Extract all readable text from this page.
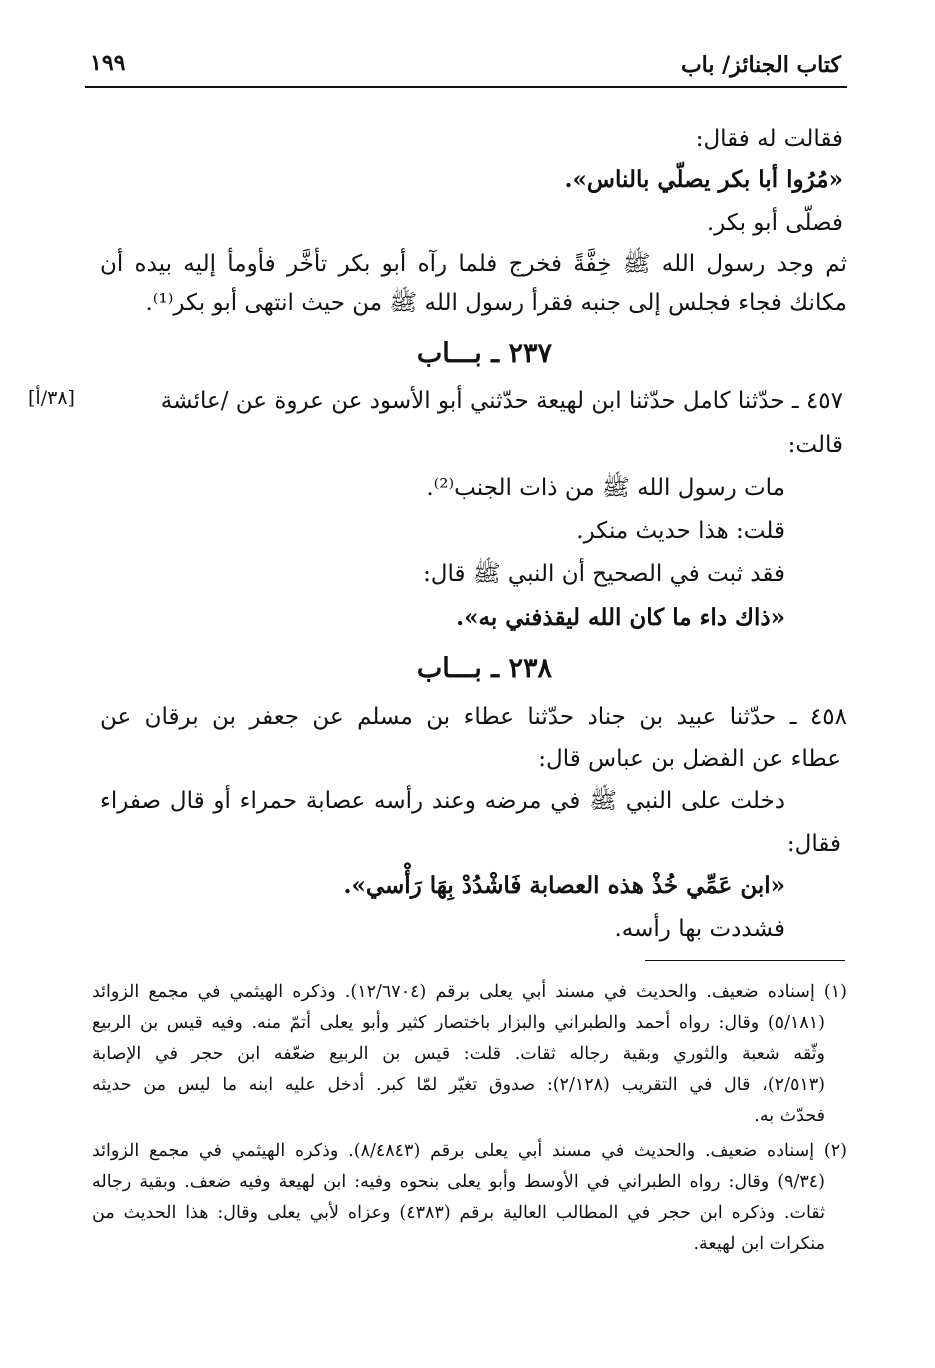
كتاب الجنائز/ باب
١٩٩
فقالت له فقال:
«مُرُوا أبا بكر يصلّي بالناس».
فصلّى أبو بكر.
ثم وجد رسول الله ﷺ خِفَّةً فخرج فلما رآه أبو بكر تأخَّر فأومأ إليه بيده أن
مكانك فجاء فجلس إلى جنبه فقرأ رسول الله ﷺ من حيث انتهى أبو بكر⁽¹⁾.
٢٣٧ ـ بـــاب
٤٥٧ ـ حدّثنا كامل حدّثنا ابن لهيعة حدّثني أبو الأسود عن عروة عن /عائشة
[٣٨/أ]
قالت:
مات رسول الله ﷺ من ذات الجنب⁽²⁾.
قلت: هذا حديث منكر.
فقد ثبت في الصحيح أن النبي ﷺ قال:
«ذاك داء ما كان الله ليقذفني به».
٢٣٨ ـ بـــاب
٤٥٨ ـ حدّثنا عبيد بن جناد حدّثنا عطاء بن مسلم عن جعفر بن برقان عن
عطاء عن الفضل بن عباس قال:
دخلت على النبي ﷺ في مرضه وعند رأسه عصابة حمراء أو قال صفراء
فقال:
«ابن عَمِّي خُذْ هذه العصابة فَاشْدُدْ بِهَا رَأْسي».
فشددت بها رأسه.
(١) إسناده ضعيف. والحديث في مسند أبي يعلى برقم (١٢/٦٧٠٤). وذكره الهيثمي في مجمع الزوائد
(٥/١٨١) وقال: رواه أحمد والطبراني والبزار باختصار كثير وأبو يعلى أتمّ منه. وفيه قيس بن الربيع
وثّقه شعبة والثوري وبقية رجاله ثقات. قلت: قيس بن الربيع ضعّفه ابن حجر في الإصابة
(٢/٥١٣)، قال في التقريب (٢/١٢٨): صدوق تغيّر لمّا كبر. أدخل عليه ابنه ما ليس من حديثه
فحدّث به.
(٢) إسناده ضعيف. والحديث في مسند أبي يعلى برقم (٨/٤٨٤٣). وذكره الهيثمي في مجمع الزوائد
(٩/٣٤) وقال: رواه الطبراني في الأوسط وأبو يعلى بنحوه وفيه: ابن لهيعة وفيه ضعف. وبقية رجاله
ثقات. وذكره ابن حجر في المطالب العالية برقم (٤٣٨٣) وعزاه لأبي يعلى وقال: هذا الحديث من
منكرات ابن لهيعة.
